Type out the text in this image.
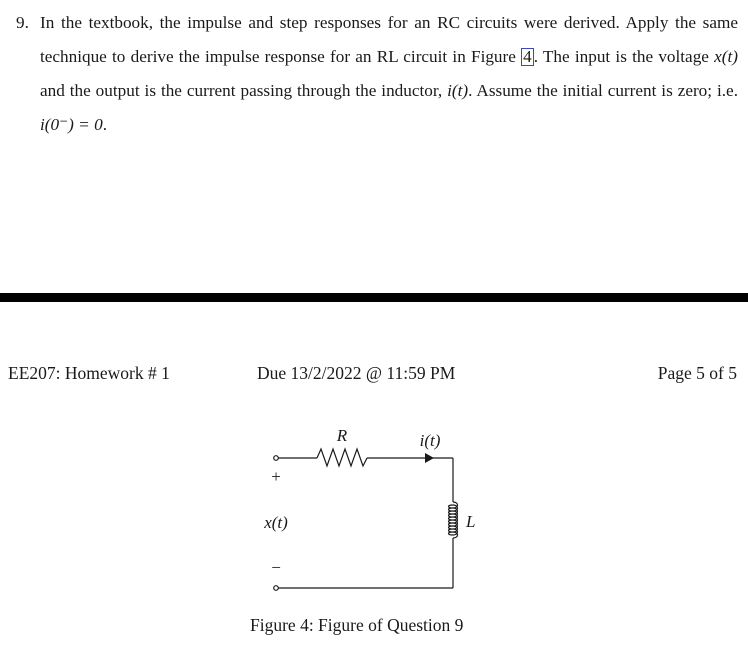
9. In the textbook, the impulse and step responses for an RC circuits were derived. Apply the same technique to derive the impulse response for an RL circuit in Figure 4 . The input is the voltage x(t) and the output is the current passing through the inductor, i(t). Assume the initial current is zero; i.e. i(0⁻) = 0.
EE207: Homework # 1	Due 13/2/2022 @ 11:59 PM	Page 5 of 5
R	i(t)
L
x(t)
+
−
Figure 4: Figure of Question 9
